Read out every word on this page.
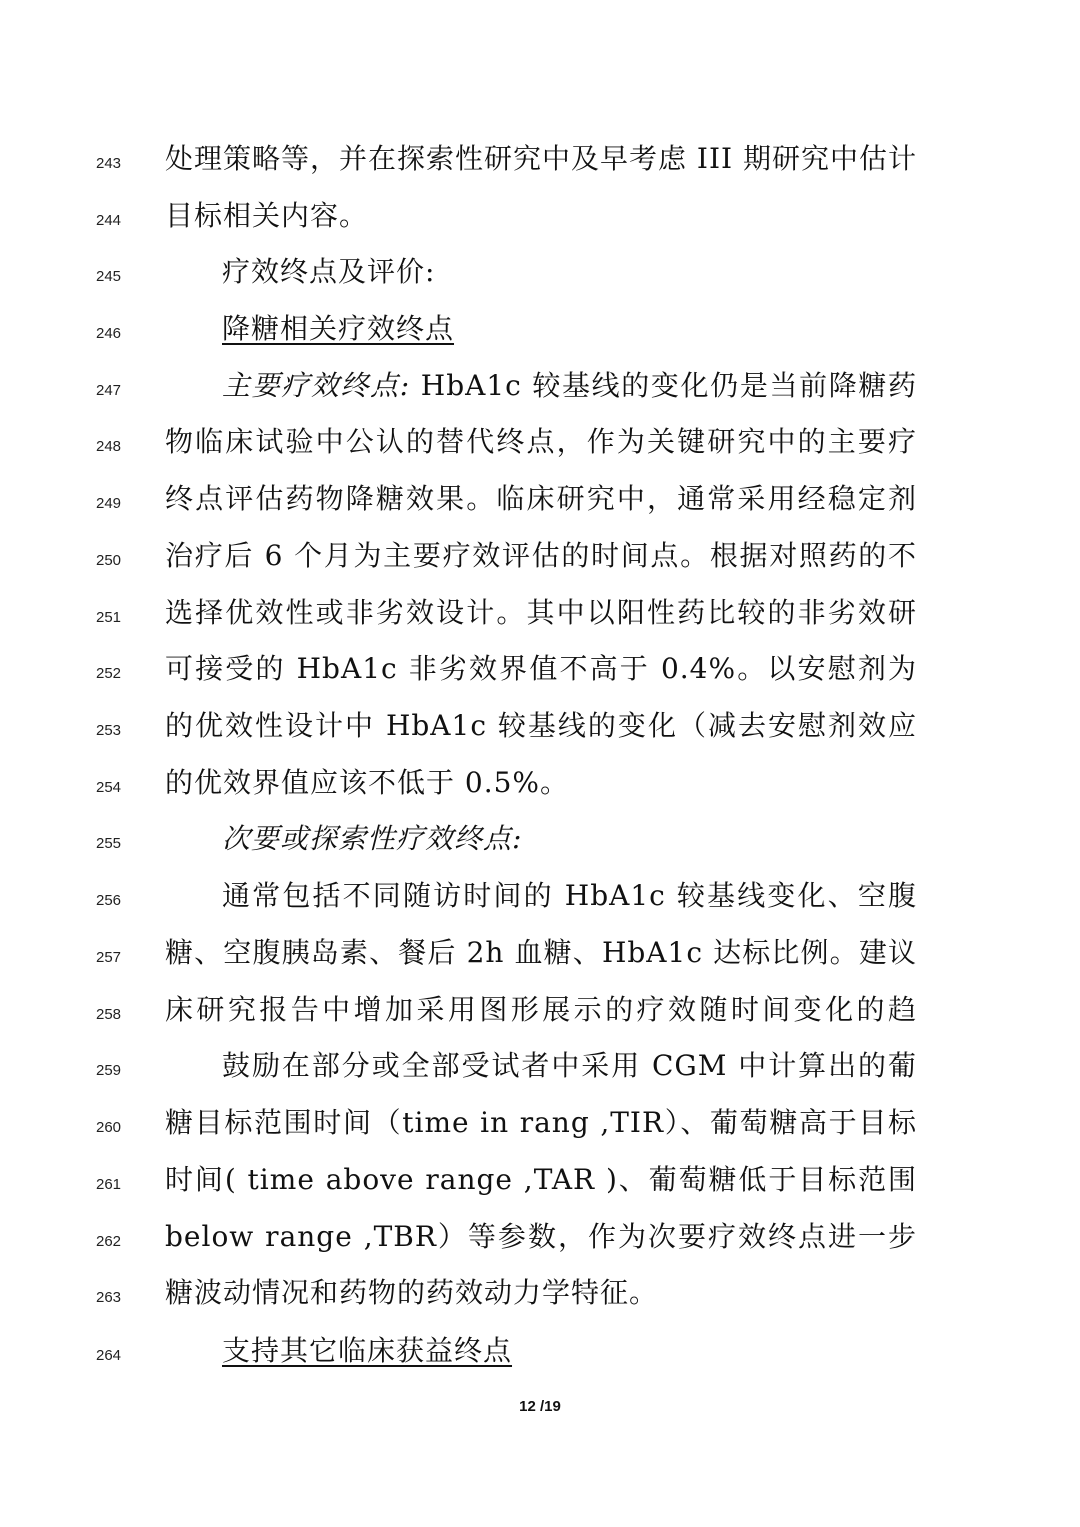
243	处理策略等，并在探索性研究中及早考虑 III 期研究中估计
244	目标相关内容。
245	疗效终点及评价:
246	降糖相关疗效终点
247	主要疗效终点: HbA1c 较基线的变化仍是当前降糖药
248	物临床试验中公认的替代终点，作为关键研究中的主要疗
249	终点评估药物降糖效果。临床研究中，通常采用经稳定剂
250	治疗后 6 个月为主要疗效评估的时间点。根据对照药的不
251	选择优效性或非劣效设计。其中以阳性药比较的非劣效研
252	可接受的 HbA1c 非劣效界值不高于 0.4%。以安慰剂为
253	的优效性设计中 HbA1c 较基线的变化（减去安慰剂效应
254	的优效界值应该不低于 0.5%。
255	次要或探索性疗效终点:
256	通常包括不同随访时间的 HbA1c 较基线变化、空腹
257	糖、空腹胰岛素、餐后 2h 血糖、HbA1c 达标比例。建议
258	床研究报告中增加采用图形展示的疗效随时间变化的趋
259	鼓励在部分或全部受试者中采用 CGM 中计算出的葡
260	糖目标范围时间（time in rang ,TIR）、葡萄糖高于目标
261	时间( time above range ,TAR )、葡萄糖低于目标范围
262	below range ,TBR）等参数，作为次要疗效终点进一步
263	糖波动情况和药物的药效动力学特征。
264	支持其它临床获益终点
12 /19
